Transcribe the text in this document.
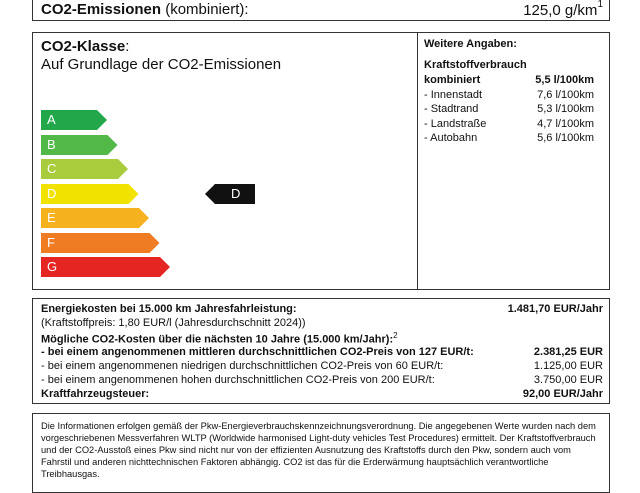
CO2-Emissionen (kombiniert):	125,0 $g/km^1$
CO2-Klasse:
Auf Grundlage der CO2-Emissionen
A
B
C
D	D
E
F
G
Weitere Angaben:
Kraftstoffverbrauch
kombiniert	5,5 l/100km
- Innenstadt	7,6 l/100km
- Stadtrand	5,3 l/100km
- Landstraße	4,7 l/100km
- Autobahn	5,6 l/100km
Energiekosten bei 15.000 km Jahresfahrleistung:	1.481,70 EUR/Jahr
(Kraftstoffpreis: 1,80 EUR/l (Jahresdurchschnitt 2024))
Mögliche CO2-Kosten über die nächsten 10 Jahre (15.000 km/Jahr):$^2$
- bei einem angenommenen mittleren durchschnittlichen CO2-Preis von 127 EUR/t:	2.381,25 EUR
- bei einem angenommenen niedrigen durchschnittlichen CO2-Preis von 60 EUR/t:	1.125,00 EUR
- bei einem angenommenen hohen durchschnittlichen CO2-Preis von 200 EUR/t:	3.750,00 EUR
Kraftfahrzeugsteuer:	92,00 EUR/Jahr
Die Informationen erfolgen gemäß der Pkw-Energieverbrauchskennzeichnungsverordnung. Die angegebenen Werte wurden nach dem vorgeschriebenen Messverfahren WLTP (Worldwide harmonised Light-duty vehicles Test Procedures) ermittelt. Der Kraftstoffverbrauch und der CO2-Ausstoß eines Pkw sind nicht nur von der effizienten Ausnutzung des Kraftstoffs durch den Pkw, sondern auch vom Fahrstil und anderen nichttechnischen Faktoren abhängig. CO2 ist das für die Erderwärmung hauptsächlich verantwortliche Treibhausgas.
